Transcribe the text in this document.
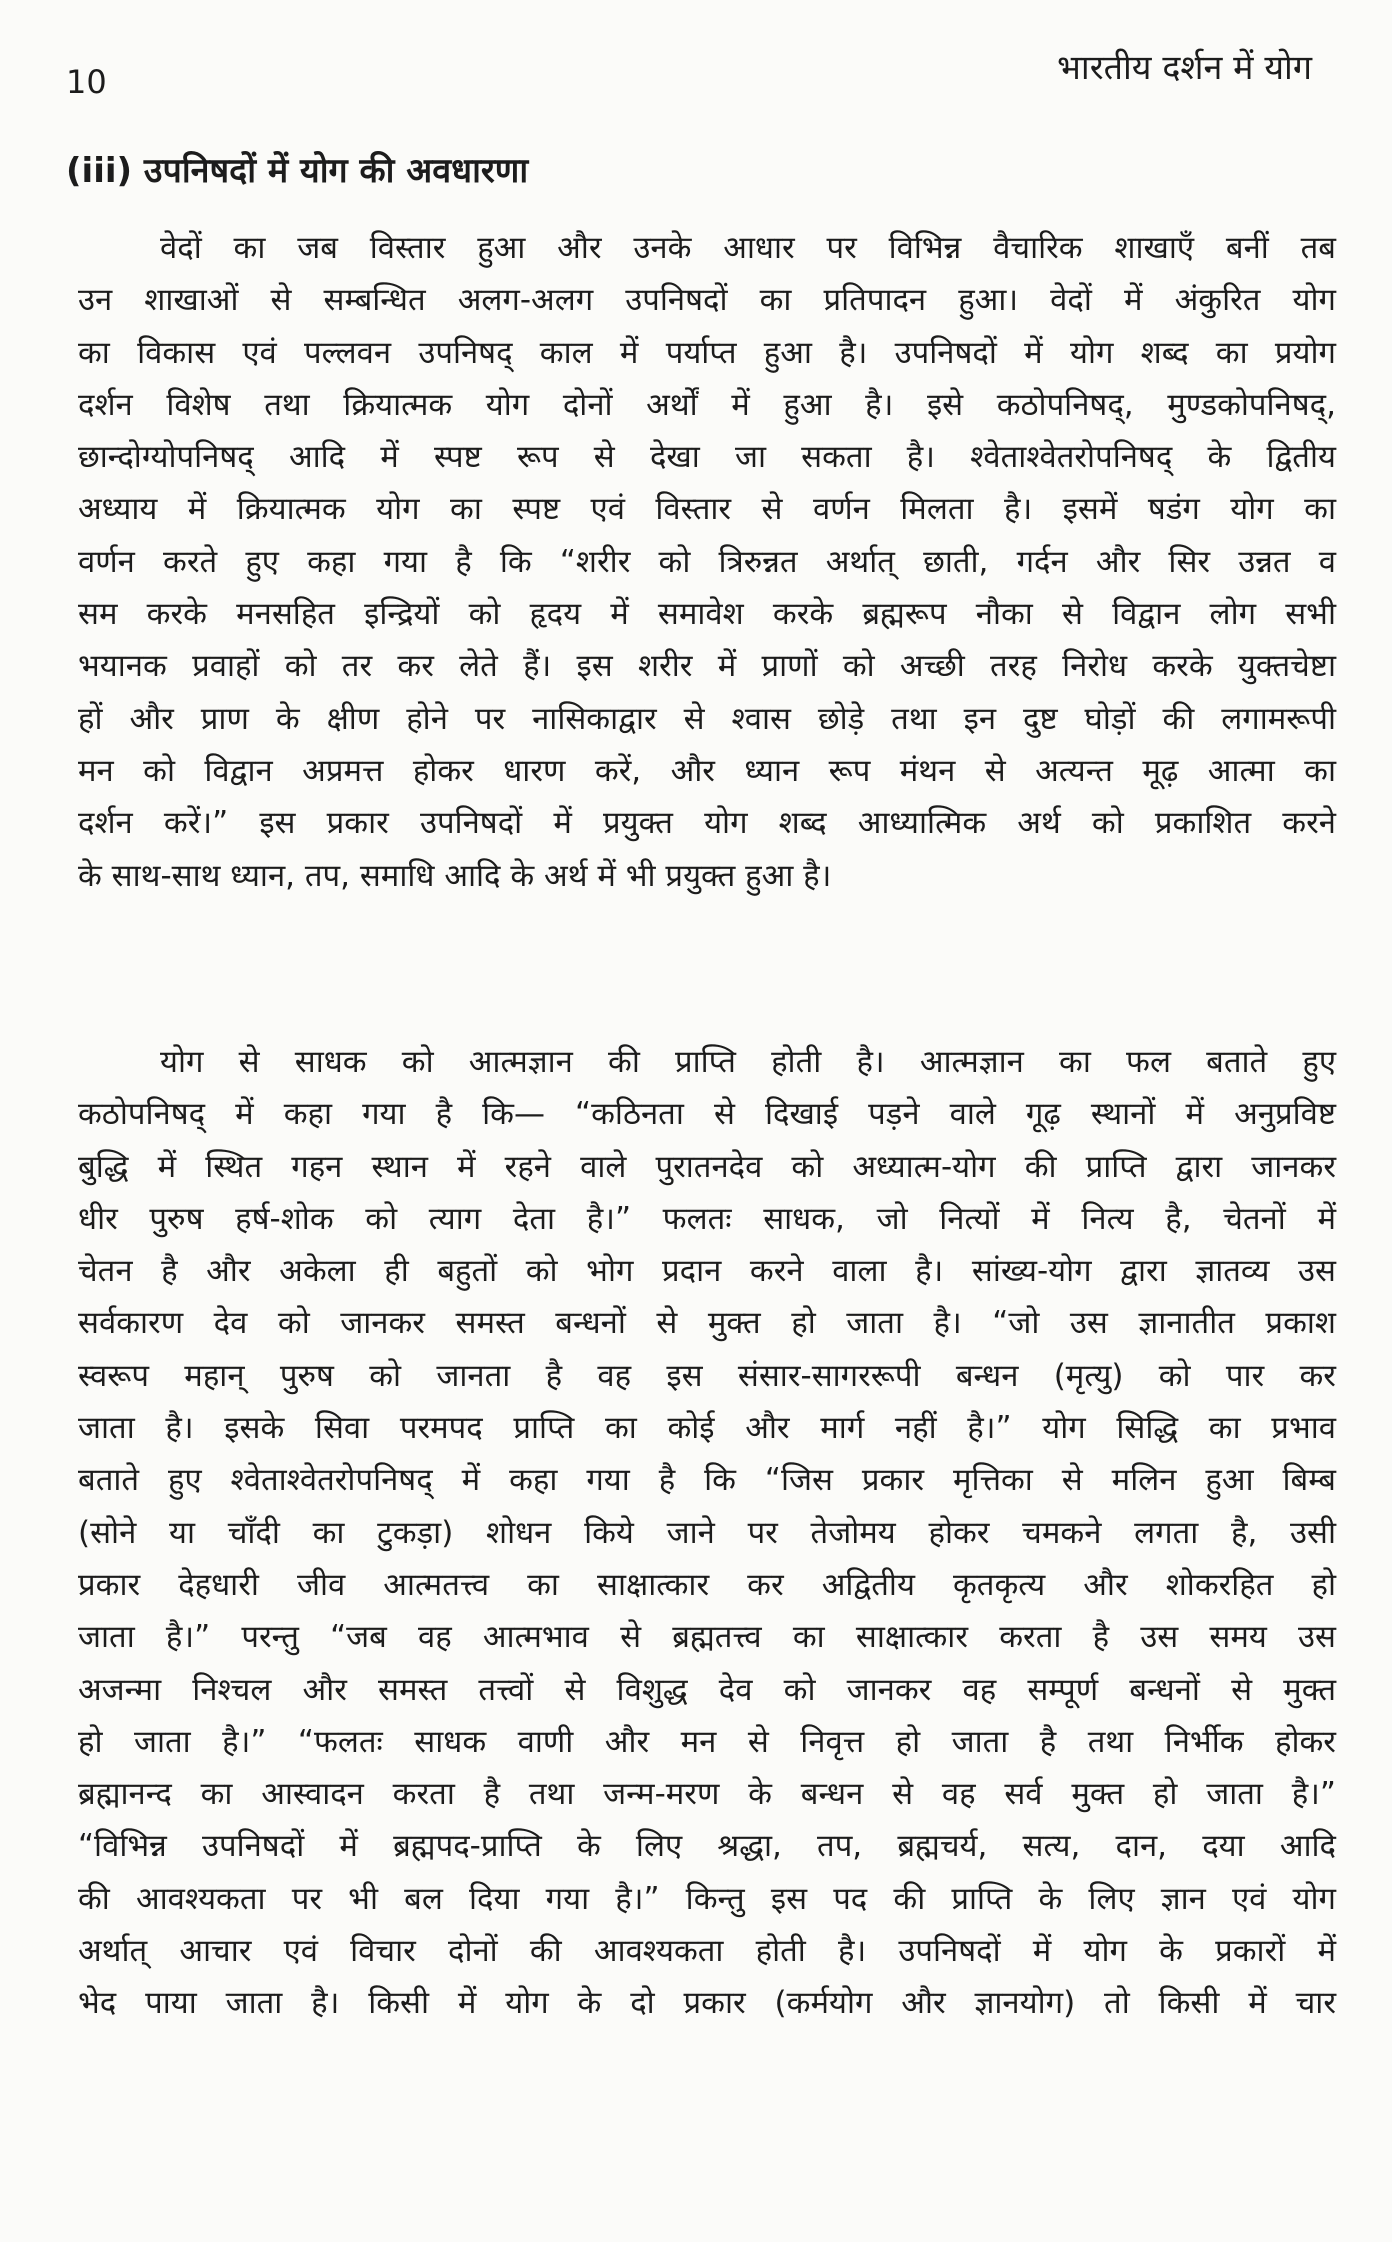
10	भारतीय दर्शन में योग
(iii) उपनिषदों में योग की अवधारणा

वेदों का जब विस्तार हुआ और उनके आधार पर विभिन्न वैचारिक शाखाएँ बनीं तब
उन शाखाओं से सम्बन्धित अलग-अलग उपनिषदों का प्रतिपादन हुआ। वेदों में अंकुरित योग
का विकास एवं पल्लवन उपनिषद् काल में पर्याप्त हुआ है। उपनिषदों में योग शब्द का प्रयोग
दर्शन विशेष तथा क्रियात्मक योग दोनों अर्थों में हुआ है। इसे कठोपनिषद्, मुण्डकोपनिषद्,
छान्दोग्योपनिषद् आदि में स्पष्ट रूप से देखा जा सकता है। श्वेताश्वेतरोपनिषद् के द्वितीय
अध्याय में क्रियात्मक योग का स्पष्ट एवं विस्तार से वर्णन मिलता है। इसमें षडंग योग का
वर्णन करते हुए कहा गया है कि “शरीर को त्रिरुन्नत अर्थात् छाती, गर्दन और सिर उन्नत व
सम करके मनसहित इन्द्रियों को हृदय में समावेश करके ब्रह्मरूप नौका से विद्वान लोग सभी
भयानक प्रवाहों को तर कर लेते हैं। इस शरीर में प्राणों को अच्छी तरह निरोध करके युक्तचेष्टा
हों और प्राण के क्षीण होने पर नासिकाद्वार से श्वास छोड़े तथा इन दुष्ट घोड़ों की लगामरूपी
मन को विद्वान अप्रमत्त होकर धारण करें, और ध्यान रूप मंथन से अत्यन्त मूढ़ आत्मा का
दर्शन करें।” इस प्रकार उपनिषदों में प्रयुक्त योग शब्द आध्यात्मिक अर्थ को प्रकाशित करने
के साथ-साथ ध्यान, तप, समाधि आदि के अर्थ में भी प्रयुक्त हुआ है।

योग से साधक को आत्मज्ञान की प्राप्ति होती है। आत्मज्ञान का फल बताते हुए
कठोपनिषद् में कहा गया है कि— “कठिनता से दिखाई पड़ने वाले गूढ़ स्थानों में अनुप्रविष्ट
बुद्धि में स्थित गहन स्थान में रहने वाले पुरातनदेव को अध्यात्म-योग की प्राप्ति द्वारा जानकर
धीर पुरुष हर्ष-शोक को त्याग देता है।” फलतः साधक, जो नित्यों में नित्य है, चेतनों में
चेतन है और अकेला ही बहुतों को भोग प्रदान करने वाला है। सांख्य-योग द्वारा ज्ञातव्य उस
सर्वकारण देव को जानकर समस्त बन्धनों से मुक्त हो जाता है। “जो उस ज्ञानातीत प्रकाश
स्वरूप महान् पुरुष को जानता है वह इस संसार-सागररूपी बन्धन (मृत्यु) को पार कर
जाता है। इसके सिवा परमपद प्राप्ति का कोई और मार्ग नहीं है।” योग सिद्धि का प्रभाव
बताते हुए श्वेताश्वेतरोपनिषद् में कहा गया है कि “जिस प्रकार मृत्तिका से मलिन हुआ बिम्ब
(सोने या चाँदी का टुकड़ा) शोधन किये जाने पर तेजोमय होकर चमकने लगता है, उसी
प्रकार देहधारी जीव आत्मतत्त्व का साक्षात्कार कर अद्वितीय कृतकृत्य और शोकरहित हो
जाता है।” परन्तु “जब वह आत्मभाव से ब्रह्मतत्त्व का साक्षात्कार करता है उस समय उस
अजन्मा निश्चल और समस्त तत्त्वों से विशुद्ध देव को जानकर वह सम्पूर्ण बन्धनों से मुक्त
हो जाता है।” “फलतः साधक वाणी और मन से निवृत्त हो जाता है तथा निर्भीक होकर
ब्रह्मानन्द का आस्वादन करता है तथा जन्म-मरण के बन्धन से वह सर्व मुक्त हो जाता है।”
“विभिन्न उपनिषदों में ब्रह्मपद-प्राप्ति के लिए श्रद्धा, तप, ब्रह्मचर्य, सत्य, दान, दया आदि
की आवश्यकता पर भी बल दिया गया है।” किन्तु इस पद की प्राप्ति के लिए ज्ञान एवं योग
अर्थात् आचार एवं विचार दोनों की आवश्यकता होती है। उपनिषदों में योग के प्रकारों में
भेद पाया जाता है। किसी में योग के दो प्रकार (कर्मयोग और ज्ञानयोग) तो किसी में चार
